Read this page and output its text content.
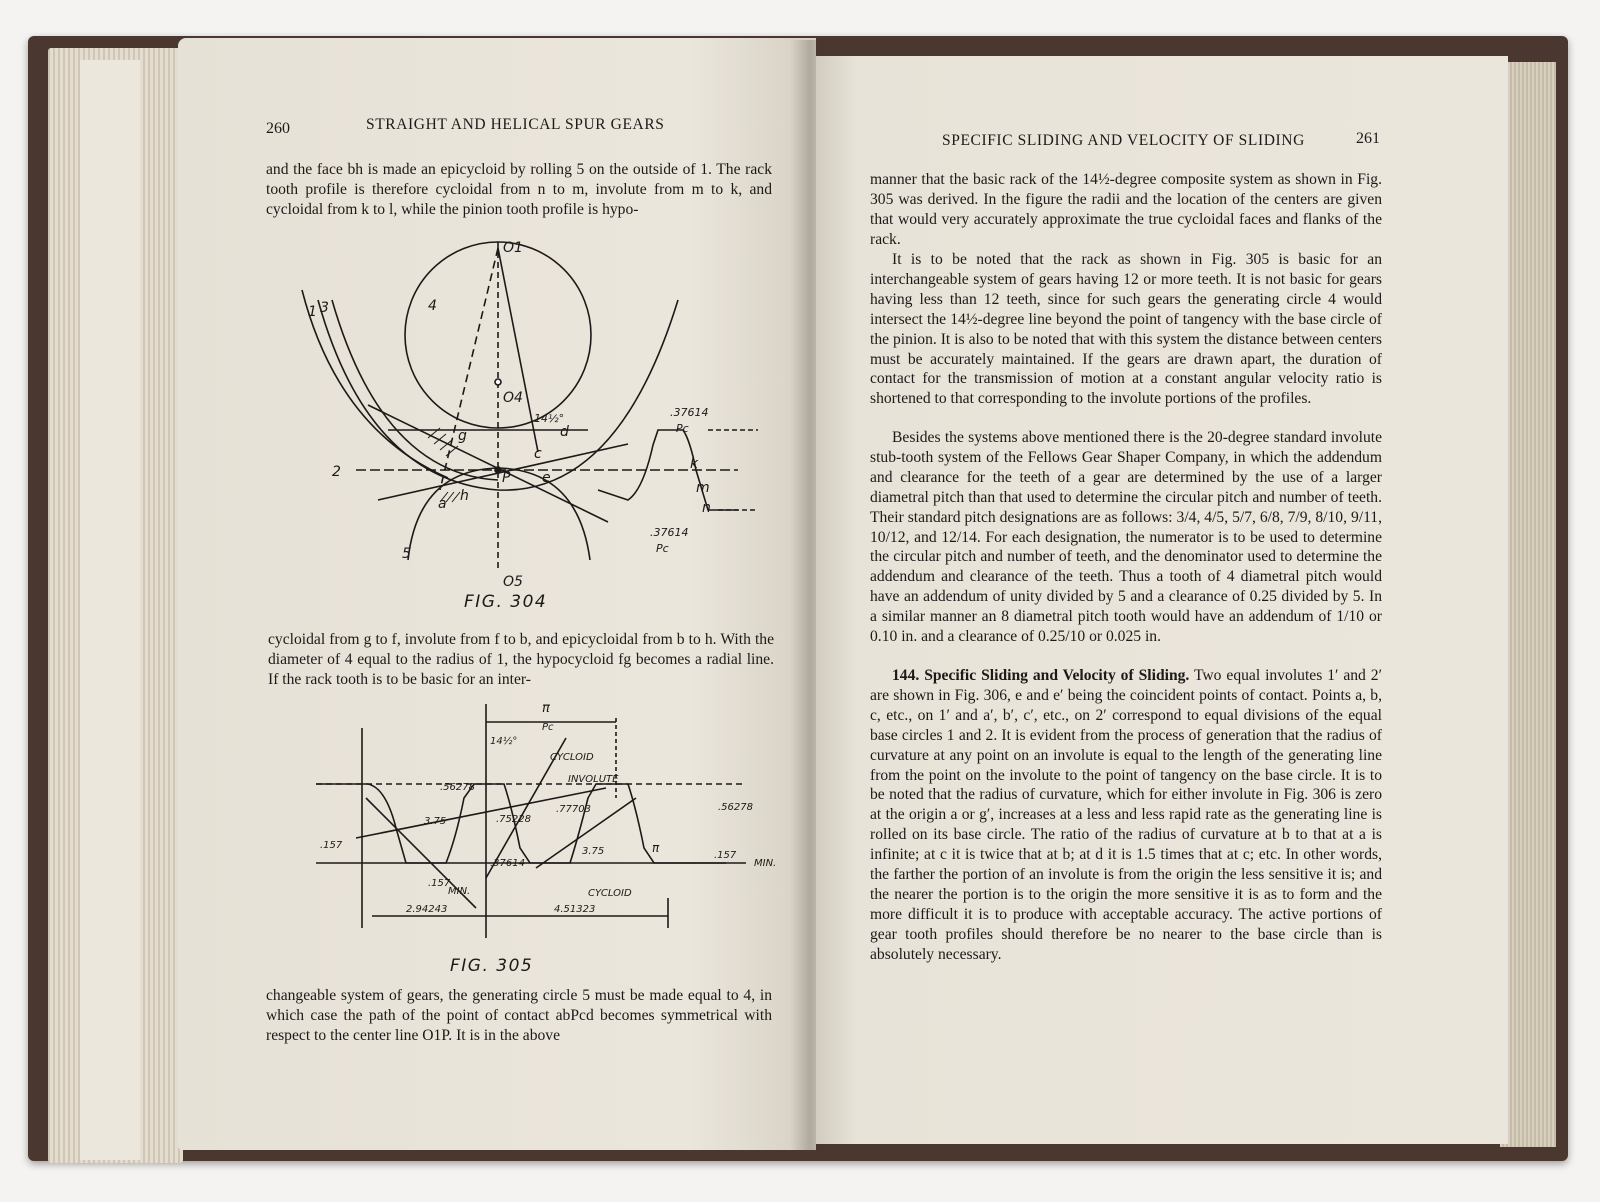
260	STRAIGHT AND HELICAL SPUR GEARS

and the face bh is made an epicycloid by rolling 5 on the outside of 1. The rack tooth profile is therefore cycloidal from n to m, involute from m to k, and cycloidal from k to l, while the pinion tooth profile is hypo-

O1
O4
O5
1 3	4
2
5
g	d
c
e
P
a h
k
m
n
14½°	.37614
Pc
.37614
Pc
FIG. 304

cycloidal from g to f, involute from f to b, and epicycloidal from b to h. With the diameter of 4 equal to the radius of 1, the hypocycloid fg becomes a radial line. If the rack tooth is to be basic for an inter-

π
Pc
14½°
CYCLOID
INVOLUTE
CYCLOID
.56278
3.75	.75228
.77703	.56278
.157
.157
.157
.37614
3.75	π
MIN.
MIN.
2.94243	4.51323
FIG. 305

changeable system of gears, the generating circle 5 must be made equal to 4, in which case the path of the point of contact abPcd becomes symmetrical with respect to the center line O1P. It is in the above

SPECIFIC SLIDING AND VELOCITY OF SLIDING	261

manner that the basic rack of the 14½-degree composite system as shown in Fig. 305 was derived. In the figure the radii and the location of the centers are given that would very accurately approximate the true cycloidal faces and flanks of the rack.

It is to be noted that the rack as shown in Fig. 305 is basic for an interchangeable system of gears having 12 or more teeth. It is not basic for gears having less than 12 teeth, since for such gears the generating circle 4 would intersect the 14½-degree line beyond the point of tangency with the base circle of the pinion. It is also to be noted that with this system the distance between centers must be accurately maintained. If the gears are drawn apart, the duration of contact for the transmission of motion at a constant angular velocity ratio is shortened to that corresponding to the involute portions of the profiles.

Besides the systems above mentioned there is the 20-degree standard involute stub-tooth system of the Fellows Gear Shaper Company, in which the addendum and clearance for the teeth of a gear are determined by the use of a larger diametral pitch than that used to determine the circular pitch and number of teeth. Their standard pitch designations are as follows: 3/4, 4/5, 5/7, 6/8, 7/9, 8/10, 9/11, 10/12, and 12/14. For each designation, the numerator is to be used to determine the circular pitch and number of teeth, and the denominator used to determine the addendum and clearance of the teeth. Thus a tooth of 4 diametral pitch would have an addendum of unity divided by 5 and a clearance of 0.25 divided by 5. In a similar manner an 8 diametral pitch tooth would have an addendum of 1/10 or 0.10 in. and a clearance of 0.25/10 or 0.025 in.

144. Specific Sliding and Velocity of Sliding. Two equal involutes 1′ and 2′ are shown in Fig. 306, e and e′ being the coincident points of contact. Points a, b, c, etc., on 1′ and a′, b′, c′, etc., on 2′ correspond to equal divisions of the equal base circles 1 and 2. It is evident from the process of generation that the radius of curvature at any point on an involute is equal to the length of the generating line from the point on the involute to the point of tangency on the base circle. It is to be noted that the radius of curvature, which for either involute in Fig. 306 is zero at the origin a or g′, increases at a less and less rapid rate as the generating line is rolled on its base circle. The ratio of the radius of curvature at b to that at a is infinite; at c it is twice that at b; at d it is 1.5 times that at c; etc. In other words, the farther the portion of an involute is from the origin the less sensitive it is; and the nearer the portion is to the origin the more sensitive it is as to form and the more difficult it is to produce with acceptable accuracy. The active portions of gear tooth profiles should therefore be no nearer to the base circle than is absolutely necessary.
